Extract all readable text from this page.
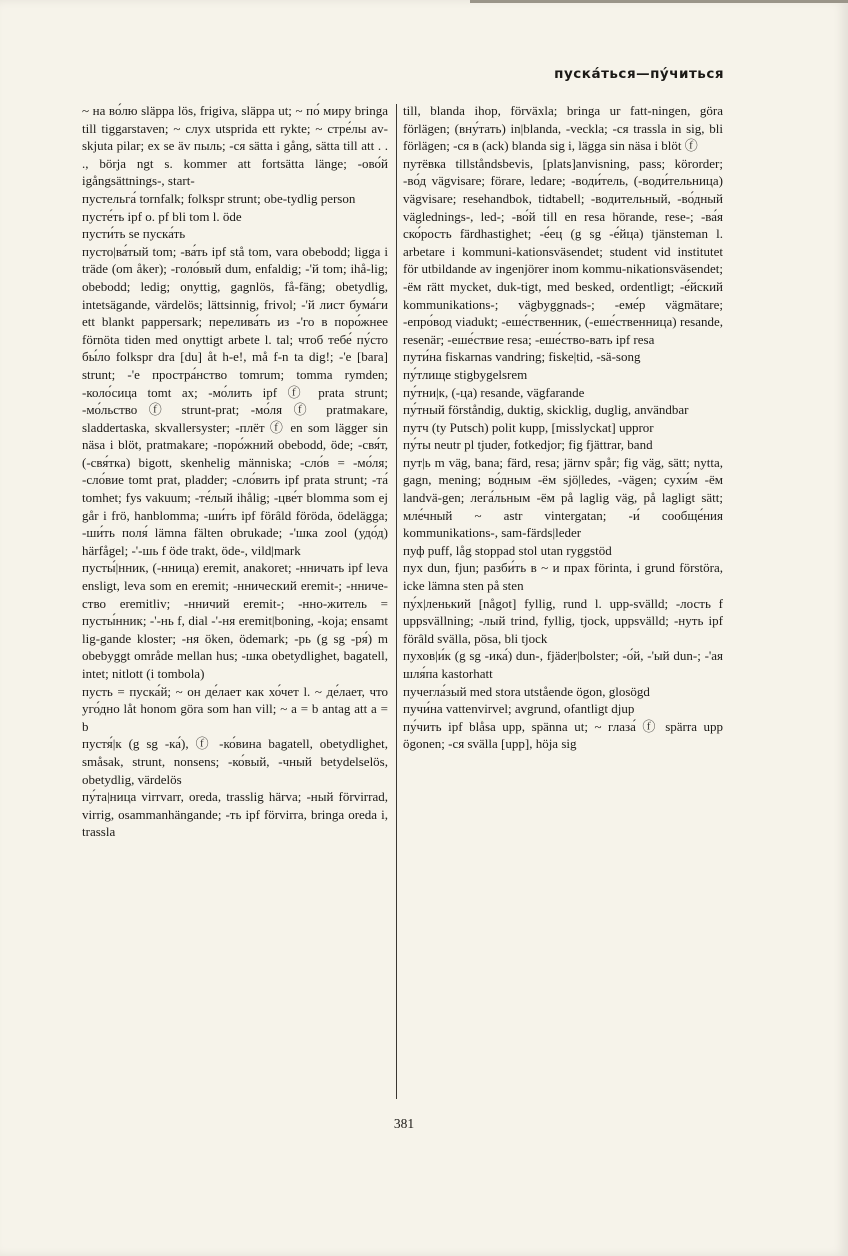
пуска́ться—пу́читься

~ на во́лю släppa lös, frigiva, släppa ut; ~ по́ миру bringa till tiggarstaven; ~ слух utsprida ett rykte; ~ стре́лы av-skjuta pilar; ex se äv пыль; -ся sätta i gång, sätta till att . . ., börja ngt s. kommer att fortsätta länge; -ово́й igångsättnings-, start-

пустельга́ tornfalk; folkspr strunt; obe-tydlig person

пусте́ть ipf o. pf bli tom l. öde

пусти́ть se пуска́ть

пусто|ва́тый tom; -ва́ть ipf stå tom, vara obebodd; ligga i träde (om åker); -голо́вый dum, enfaldig; -'й tom; ihå-lig; obebodd; ledig; onyttig, gagnlös, få-fäng; obetydlig, intetsägande, värdelös; lättsinnig, frivol; -'й лист бума́ги ett blankt pappersark; перелива́ть из -'го в поро́жнее förnöta tiden med onyttigt arbete l. tal; чтоб тебе́ пу́сто бы́ло folkspr dra [du] åt h-e!, må f-n ta dig!; -'е [bara] strunt; -'е простра́нство tomrum; tomma rymden; -коло́сица tomt ax; -мо́лить ipf ⓕ prata strunt; -мо́льство ⓕ strunt-prat; -мо́ля ⓕ pratmakare, sladdertaska, skvallersyster; -плёт ⓕ en som lägger sin näsa i blöt, pratmakare; -поро́жний obebodd, öde; -свя́т, (-свя́тка) bigott, skenhelig människa; -сло́в = -мо́ля; -сло́вие tomt prat, pladder; -сло́вить ipf prata strunt; -та́ tomhet; fys vakuum; -те́лый ihålig; -цве́т blomma som ej går i frö, hanblomma; -ши́ть ipf förâld föröda, ödelägga; -ши́ть поля́ lämna fälten obrukade; -'шка zool (удо́д) härfågel; -'-шь f öde trakt, öde-, vild|mark

пусты́|нник, (-нница) eremit, anakoret; -нничать ipf leva ensligt, leva som en eremit; -ннический eremit-; -нниче-ство eremitliv; -нничий eremit-; -нно-житель = пусты́нник; -'-нь f, dial -'-ня eremit|boning, -koja; ensamt lig-gande kloster; -ня öken, ödemark; -рь (g sg -ря́) m obebyggt område mellan hus; -шка obetydlighet, bagatell, intet; nitlott (i tombola)

пусть = пуска́й; ~ он де́лает как хо́чет l. ~ де́лает, что уго́дно låt honom göra som han vill; ~ a = b antag att a = b

пустя́|к (g sg -ка́), ⓕ -ко́вина bagatell, obetydlighet, småsak, strunt, nonsens; -ко́вый, -чный betydelselös, obetydlig, värdelös

пу́та|ница virrvarr, oreda, trasslig härva; -ный förvirrad, virrig, osammanhängande; -ть ipf förvirra, bringa oreda i, trassla

till, blanda ihop, förväxla; bringa ur fatt-ningen, göra förlägen; (вну́тать) in|blanda, -veckla; -ся trassla in sig, bli förlägen; -ся в (ack) blanda sig i, lägga sin näsa i blöt ⓕ

путёвка tillståndsbevis, [plats]anvisning, pass; körorder; -во́д vägvisare; förare, ledare; -води́тель, (-води́тельница) vägvisare; resehandbok, tidtabell; -водительный, -во́дный väglednings-, led-; -во́й till en resa hörande, rese-; -ва́я ско́рость färdhastighet; -е́ец (g sg -е́йца) tjänsteman l. arbetare i kommuni-kationsväsendet; student vid institutet för utbildande av ingenjörer inom kommu-nikationsväsendet; -ём rätt mycket, duk-tigt, med besked, ordentligt; -е́йский kommunikations-; vägbyggnads-; -еме́р vägmätare; -епро́вод viadukt; -еше́ственник, (-еше́ственница) resande, resenär; -еше́ствие resa; -еше́ство-вать ipf resa

пути́на fiskarnas vandring; fiske|tid, -sä-song

пу́тлище stigbygelsrem

пу́тни|к, (-ца) resande, vägfarande

пу́тный förståndig, duktig, skicklig, duglig, användbar

путч (ty Putsch) polit kupp, [misslyckat] uppror

пу́ты neutr pl tjuder, fotkedjor; fig fjättrar, band

пут|ь m väg, bana; färd, resa; järnv spår; fig väg, sätt; nytta, gagn, mening; во́дным -ём sjö|ledes, -vägen; сухи́м -ём landvä-gen; лега́льным -ём på laglig väg, på lagligt sätt; мле́чный ~ astr vintergatan; -и́ сообще́ния kommunikations-, sam-färds|leder

пуф puff, låg stoppad stol utan ryggstöd

пух dun, fjun; разби́ть в ~ и прах förinta, i grund förstöra, icke lämna sten på sten

пу́х|ленький [något] fyllig, rund l. upp-svälld; -лость f uppsvällning; -лый trind, fyllig, tjock, uppsvälld; -нуть ipf förâld svälla, pösa, bli tjock

пухов|и́к (g sg -ика́) dun-, fjäder|bolster; -о́й, -'ый dun-; -'ая шля́па kastorhatt

пучегла́зый med stora utstående ögon, glosögd

пучи́на vattenvirvel; avgrund, ofantligt djup

пу́чить ipf blåsa upp, spänna ut; ~ глаза́ ⓕ spärra upp ögonen; -ся svälla [upp], höja sig

381
